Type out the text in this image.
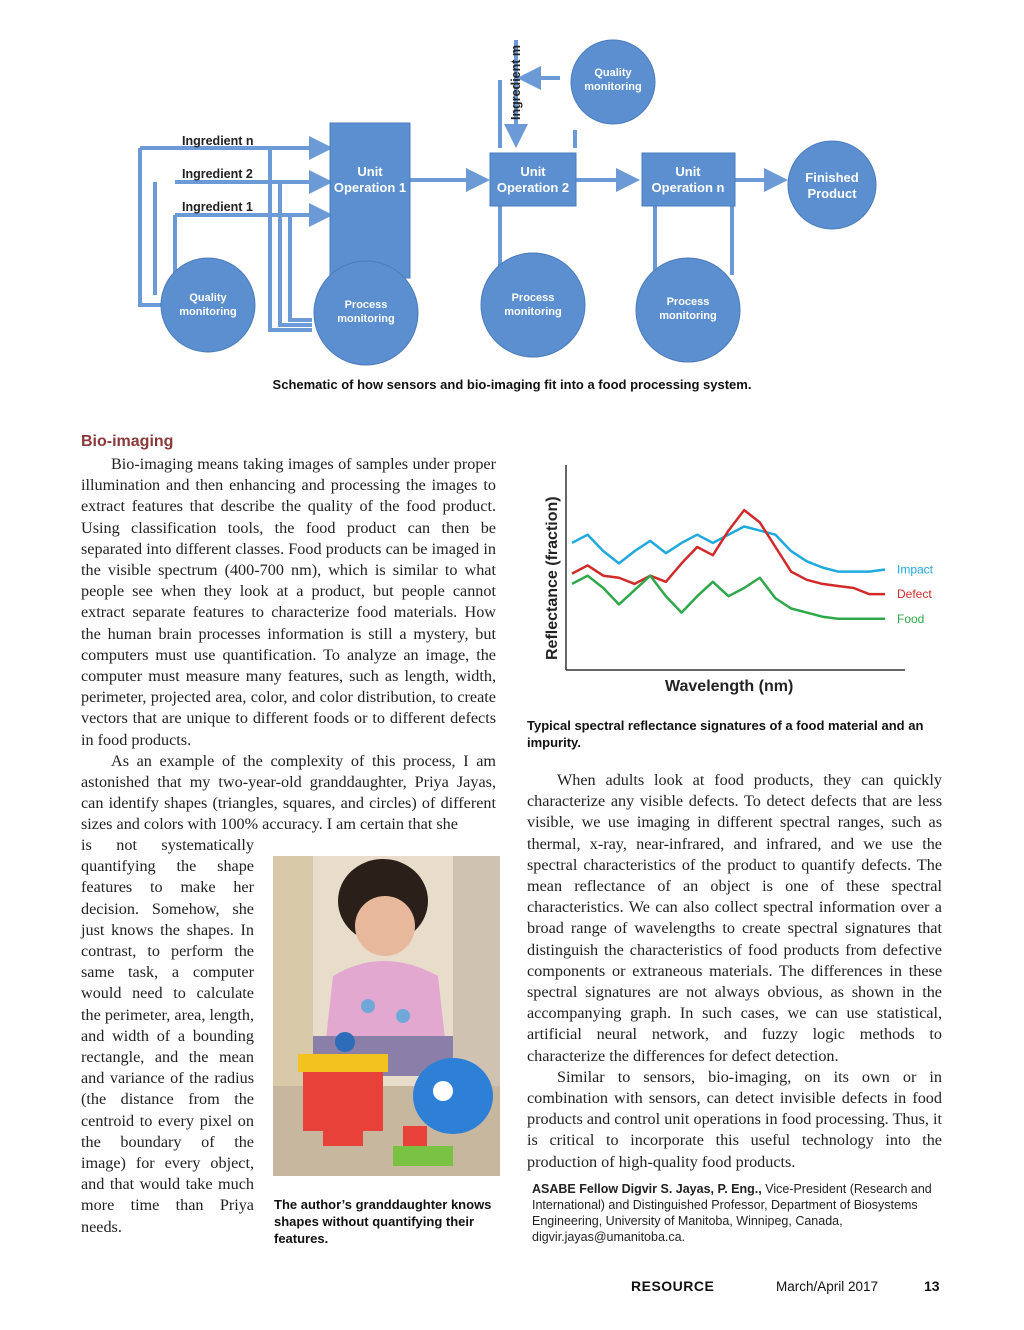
Unit
Operation 1
Unit
Operation 2
Unit
Operation n
Finished
Product
Quality
monitoring
Quality
monitoring
Process
monitoring
Process
monitoring
Process
monitoring
Ingredient n
Ingredient 2
Ingredient 1
Ingredient m
Schematic of how sensors and bio-imaging fit into a food processing system.
Bio-imaging

Bio-imaging means taking images of samples under proper illumination and then enhancing and processing the images to extract features that describe the quality of the food product. Using classification tools, the food product can then be separated into different classes. Food products can be imaged in the visible spectrum (400-700 nm), which is similar to what people see when they look at a product, but people cannot extract separate features to characterize food materials. How the human brain processes information is still a mystery, but computers must use quantification. To analyze an image, the computer must measure many features, such as length, width, perimeter, projected area, color, and color distribution, to create vectors that are unique to different foods or to different defects in food products.

As an example of the complexity of this process, I am astonished that my two-year-old granddaughter, Priya Jayas, can identify shapes (triangles, squares, and circles) of different sizes and colors with 100% accuracy. I am certain that she

is not systematically quantifying the shape features to make her decision. Somehow, she just knows the shapes. In contrast, to perform the same task, a computer would need to calculate the perimeter, area, length, and width of a bounding rectangle, and the mean and variance of the radius (the distance from the centroid to every pixel on the boundary of the image) for every object, and that would take much more time than Priya needs.
The author’s granddaughter knows shapes without quantifying their features.
Impact
Defect
Food
Reflectance (fraction)
Wavelength (nm)
Typical spectral reflectance signatures of a food material and an impurity.

When adults look at food products, they can quickly characterize any visible defects. To detect defects that are less visible, we use imaging in different spectral ranges, such as thermal, x-ray, near-infrared, and infrared, and we use the spectral characteristics of the product to quantify defects. The mean reflectance of an object is one of these spectral characteristics. We can also collect spectral information over a broad range of wavelengths to create spectral signatures that distinguish the characteristics of food products from defective components or extraneous materials. The differences in these spectral signatures are not always obvious, as shown in the accompanying graph. In such cases, we can use statistical, artificial neural network, and fuzzy logic methods to characterize the differences for defect detection.

Similar to sensors, bio-imaging, on its own or in combination with sensors, can detect invisible defects in food products and control unit operations in food processing. Thus, it is critical to incorporate this useful technology into the production of high-quality food products.

ASABE Fellow Digvir S. Jayas, P. Eng., Vice-President (Research and International) and Distinguished Professor, Department of Biosystems Engineering, University of Manitoba, Winnipeg, Canada, digvir.jayas@umanitoba.ca.
RESOURCE	March/April 2017	13
